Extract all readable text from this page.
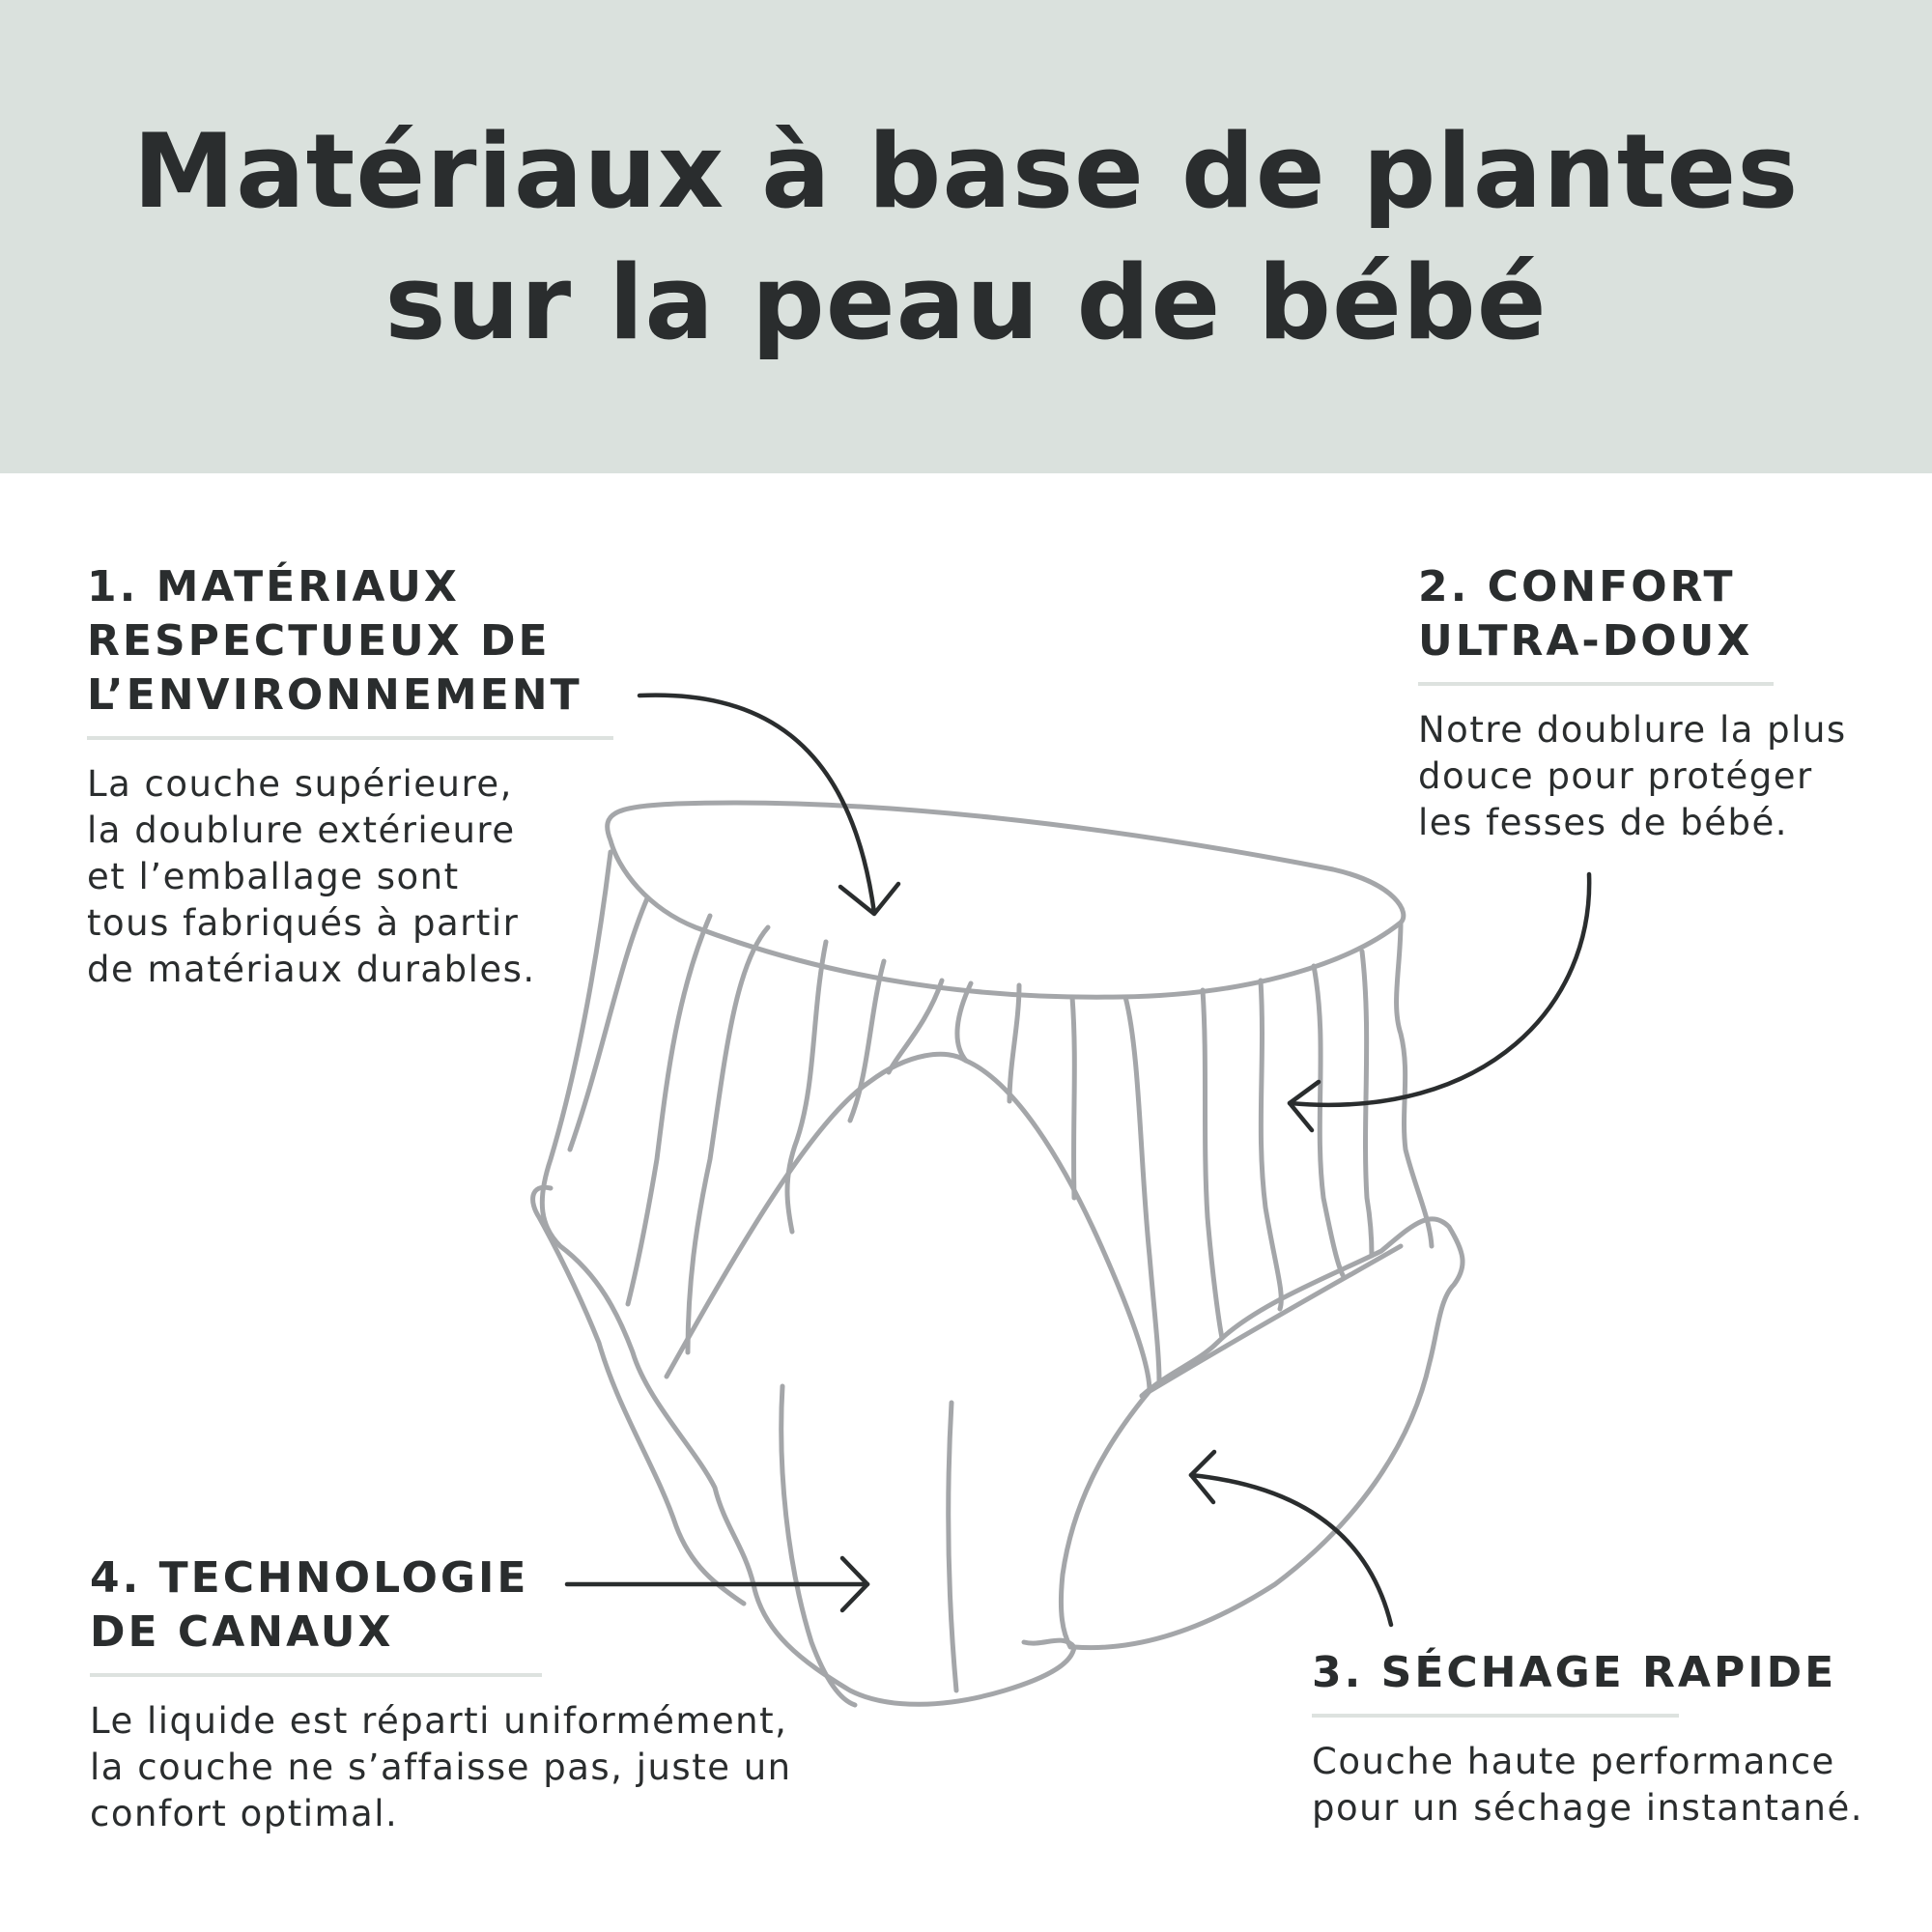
Matériaux à base de plantes
sur la peau de bébé
1. MATÉRIAUX
RESPECTUEUX DE
L’ENVIRONNEMENT

La couche supérieure,
la doublure extérieure
et l’emballage sont
tous fabriqués à partir
de matériaux durables.

2. CONFORT
ULTRA-DOUX

Notre doublure la plus
douce pour protéger
les fesses de bébé.

3. SÉCHAGE RAPIDE

Couche haute performance
pour un séchage instantané.

4. TECHNOLOGIE
DE CANAUX

Le liquide est réparti uniformément,
la couche ne s’affaisse pas, juste un
confort optimal.
